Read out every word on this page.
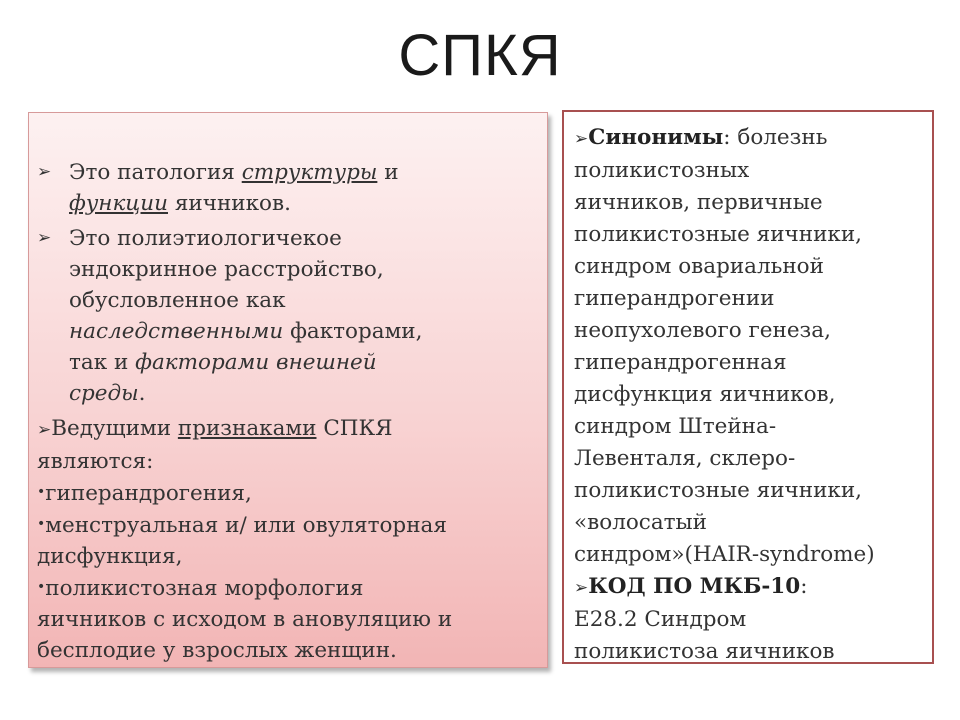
СПКЯ
➢ Это патология структуры и
функции яичников.
➢ Это полиэтиологичекое
эндокринное расстройство,
обусловленное как
наследственными факторами,
так и факторами внешней
среды.
➢Ведущими признаками СПКЯ
являются:
•гиперандрогения,
•менструальная и/ или овуляторная
дисфункция,
•поликистозная морфология
яичников с исходом в ановуляцию и
бесплодие у взрослых женщин.
➢Синонимы: болезнь
поликистозных
яичников, первичные
поликистозные яичники,
синдром овариальной
гиперандрогении
неопухолевого генеза,
гиперандрогенная
дисфункция яичников,
синдром Штейна-
Левенталя, склеро-
поликистозные яичники,
«волосатый
синдром»(HAIR-syndrome)
➢КОД ПО МКБ-10:
E28.2 Синдром
поликистоза яичников
